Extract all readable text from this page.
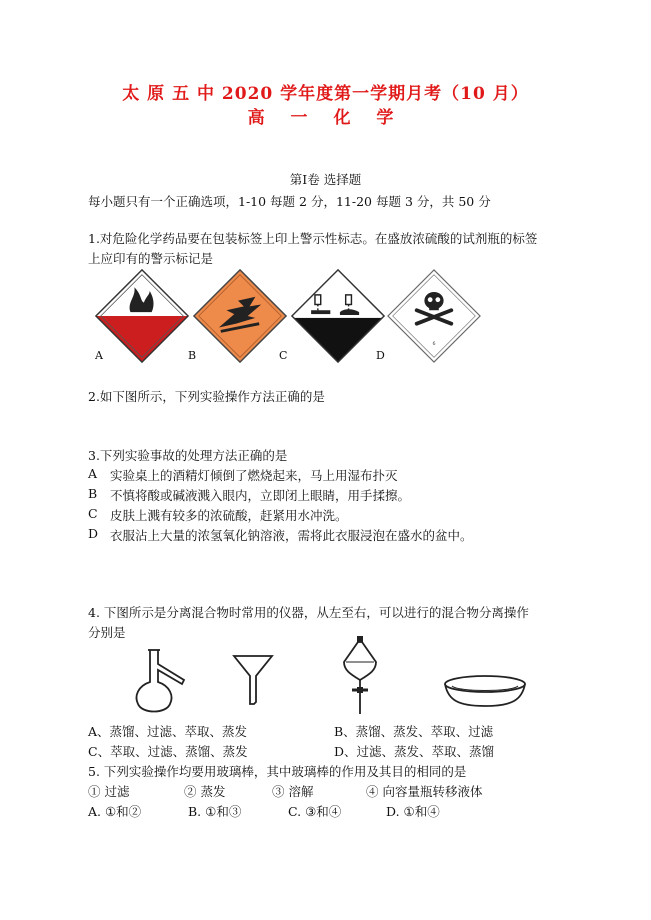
太 原 五 中 2020 学年度第一学期月考（10 月）
高 一 化 学
第Ⅰ卷 选择题
每小题只有一个正确选项，1-10 每题 2 分，11-20 每题 3 分，共 50 分
1.对危险化学药品要在包装标签上印上警示性标志。在盛放浓硫酸的试剂瓶的标签
上应印有的警示标记是
A	B	C
6
D
2.如下图所示，下列实验操作方法正确的是
3.下列实验事故的处理方法正确的是
A 实验桌上的酒精灯倾倒了燃烧起来，马上用湿布扑灭
B 不慎将酸或碱液溅入眼内，立即闭上眼睛，用手揉擦。
C 皮肤上溅有较多的浓硫酸，赶紧用水冲洗。
D 衣服沾上大量的浓氢氧化钠溶液，需将此衣服浸泡在盛水的盆中。
4. 下图所示是分离混合物时常用的仪器，从左至右，可以进行的混合物分离操作
分别是
A、蒸馏、过滤、萃取、蒸发	B、蒸馏、蒸发、萃取、过滤
C、萃取、过滤、蒸馏、蒸发	D、过滤、蒸发、萃取、蒸馏
5. 下列实验操作均要用玻璃棒，其中玻璃棒的作用及其目的相同的是
① 过滤	② 蒸发	③ 溶解	④ 向容量瓶转移液体
A. ①和②	B. ①和③	C. ③和④	D. ①和④
